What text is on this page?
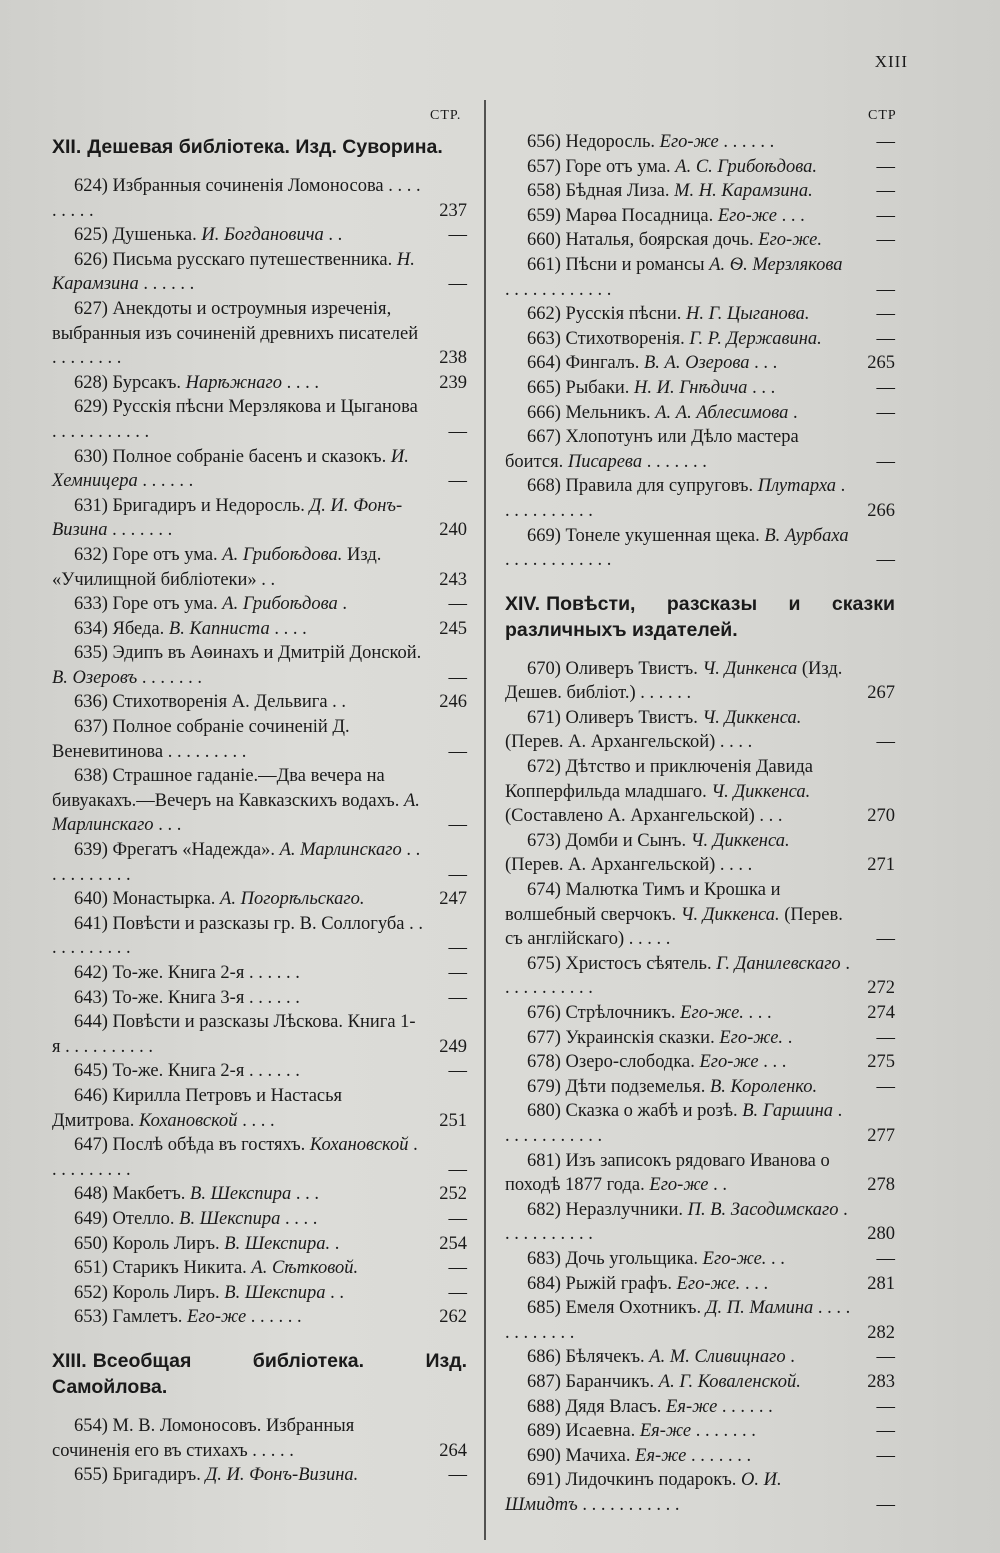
XIII
СТР.	СТР
XII. Дешевая библіотека. Изд. Суворина.
624) Избранныя сочиненія Ломоносова . . . . . . . . .	237
625) Душенька. И. Богдановича . .	—
626) Письма русскаго путешественника. Н. Карамзина . . . . . .	—
627) Анекдоты и остроумныя изреченія, выбранныя изъ сочиненій древнихъ писателей . . . . . . . .	238
628) Бурсакъ. Нарѣжнаго . . . .	239
629) Русскія пѣсни Мерзлякова и Цыганова . . . . . . . . . . .	—
630) Полное собраніе басенъ и сказокъ. И. Хемницера . . . . . .	—
631) Бригадиръ и Недоросль. Д. И. Фонъ-Визина . . . . . . .	240
632) Горе отъ ума. А. Грибоѣдова. Изд. «Училищной библіотеки» . .	243
633) Горе отъ ума. А. Грибоѣдова .	—
634) Ябеда. В. Капниста . . . .	245
635) Эдипъ въ Аѳинахъ и Дмитрій Донской. В. Озеровъ . . . . . . .	—
636) Стихотворенія А. Дельвига . .	246
637) Полное собраніе сочиненій Д. Веневитинова . . . . . . . . .	—
638) Страшное гаданіе.—Два вечера на бивуакахъ.—Вечеръ на Кавказскихъ водахъ. А. Марлинскаго . . .	—
639) Фрегатъ «Надежда». А. Марлинскаго . . . . . . . . . . .	—
640) Монастырка. А. Погорѣльскаго.	247
641) Повѣсти и разсказы гр. В. Соллогуба . . . . . . . . . . .	—
642) То-же. Книга 2-я . . . . . .	—
643) То-же. Книга 3-я . . . . . .	—
644) Повѣсти и разсказы Лѣскова. Книга 1-я . . . . . . . . . .	249
645) То-же. Книга 2-я . . . . . .	—
646) Кирилла Петровъ и Настасья Дмитрова. Кохановской . . . .	251
647) Послѣ обѣда въ гостяхъ. Кохановской . . . . . . . . . .	—
648) Макбетъ. В. Шекспира . . .	252
649) Отелло. В. Шекспира . . . .	—
650) Король Лиръ. В. Шекспира. .	254
651) Старикъ Никита. А. Сѣтковой.	—
652) Король Лиръ. В. Шекспира . .	—
653) Гамлетъ. Его-же . . . . . .	262
XIII. Всеобщая библіотека. Изд. Самойлова.
654) М. В. Ломоносовъ. Избранныя сочиненія его въ стихахъ . . . . .	264
655) Бригадиръ. Д. И. Фонъ-Визина.	—
656) Недоросль. Его-же . . . . . .	—
657) Горе отъ ума. А. С. Грибоѣдова.	—
658) Бѣдная Лиза. М. Н. Карамзина.	—
659) Марѳа Посадница. Его-же . . .	—
660) Наталья, боярская дочь. Его-же.	—
661) Пѣсни и романсы А. Ѳ. Мерзлякова . . . . . . . . . . . .	—
662) Русскія пѣсни. Н. Г. Цыганова.	—
663) Стихотворенія. Г. Р. Державина.	—
664) Фингалъ. В. А. Озерова . . .	265
665) Рыбаки. Н. И. Гнѣдича . . .	—
666) Мельникъ. А. А. Аблесимова .	—
667) Хлопотунъ или Дѣло мастера боится. Писарева . . . . . . .	—
668) Правила для супруговъ. Плутарха . . . . . . . . . . .	266
669) Тонеле укушенная щека. В. Аурбаха . . . . . . . . . . . .	—
XIV. Повѣсти, разсказы и сказки различныхъ издателей.
670) Оливеръ Твистъ. Ч. Динкенса (Изд. Дешев. библіот.) . . . . . .	267
671) Оливеръ Твистъ. Ч. Диккенса. (Перев. А. Архангельской) . . . .	—
672) Дѣтство и приключенія Давида Копперфильда младшаго. Ч. Диккенса. (Составлено А. Архангельской) . . .	270
673) Домби и Сынъ. Ч. Диккенса. (Перев. А. Архангельской) . . . .	271
674) Малютка Тимъ и Крошка и волшебный сверчокъ. Ч. Диккенса. (Перев. съ англійскаго) . . . . .	—
675) Христосъ сѣятель. Г. Данилевскаго . . . . . . . . . . .	272
676) Стрѣлочникъ. Его-же. . . .	274
677) Украинскія сказки. Его-же. .	—
678) Озеро-слободка. Его-же . . .	275
679) Дѣти подземелья. В. Короленко.	—
680) Сказка о жабѣ и розѣ. В. Гаршина . . . . . . . . . . . .	277
681) Изъ записокъ рядоваго Иванова о походѣ 1877 года. Его-же . .	278
682) Неразлучники. П. В. Засодимскаго . . . . . . . . . . .	280
683) Дочь угольщика. Его-же. . .	—
684) Рыжій графъ. Его-же. . . .	281
685) Емеля Охотникъ. Д. П. Мамина . . . . . . . . . . . .	282
686) Бѣлячекъ. А. М. Сливицнаго .	—
687) Баранчикъ. А. Г. Коваленской.	283
688) Дядя Власъ. Ея-же . . . . . .	—
689) Исаевна. Ея-же . . . . . . .	—
690) Мачиха. Ея-же . . . . . . .	—
691) Лидочкинъ подарокъ. О. И. Шмидтъ . . . . . . . . . . .	—
